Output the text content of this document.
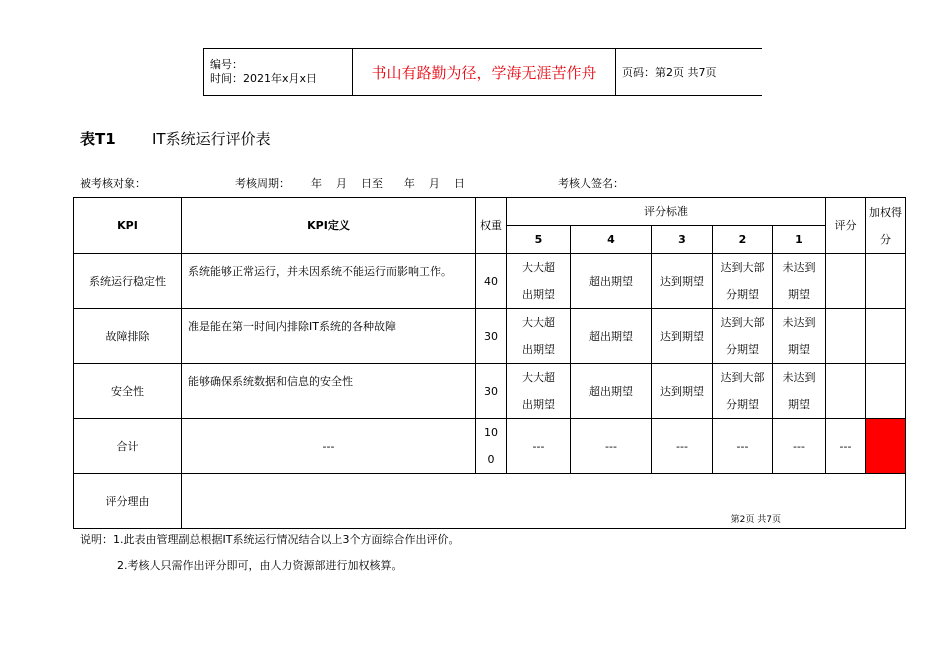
编号：
时间：2021年x月x日	书山有路勤为径，学海无涯苦作舟	页码：第2页 共7页
表T1 IT系统运行评价表
被考核对象：	考核周期：      年    月    日至      年    月    日	考核人签名：
KPI	KPI定义	权重	评分标准					评分	加权得分
			5	4	3	2	1		
系统运行稳定性	系统能够正常运行，并未因系统不能运行而影响工作。	40	大大超出期望	超出期望	达到期望	达到大部分期望	未达到期望		
故障排除	准是能在第一时间内排除IT系统的各种故障	30	大大超出期望	超出期望	达到期望	达到大部分期望	未达到期望		
安全性	能够确保系统数据和信息的安全性	30	大大超出期望	超出期望	达到期望	达到大部分期望	未达到期望		
合计	---	100	---	---	---	---	---	---	
评分理由	第2页 共7页								
说明：1.此表由管理副总根据IT系统运行情况结合以上3个方面综合作出评价。
2.考核人只需作出评分即可，由人力资源部进行加权核算。
